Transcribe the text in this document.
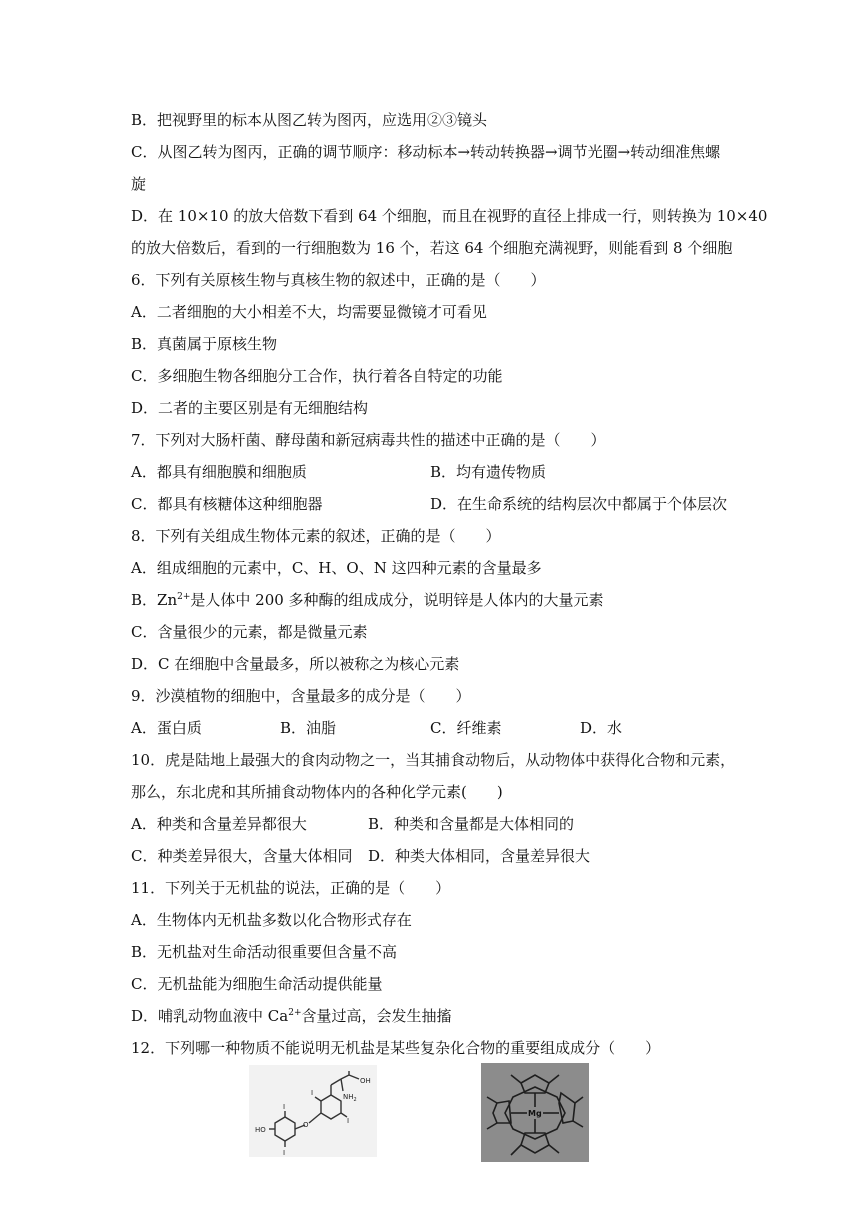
B．把视野里的标本从图乙转为图丙，应选用②③镜头
C．从图乙转为图丙，正确的调节顺序：移动标本→转动转换器→调节光圈→转动细准焦螺
旋
D．在 10×10 的放大倍数下看到 64 个细胞，而且在视野的直径上排成一行，则转换为 10×40
的放大倍数后，看到的一行细胞数为 16 个，若这 64 个细胞充满视野，则能看到 8 个细胞
6．下列有关原核生物与真核生物的叙述中，正确的是（　　）
A．二者细胞的大小相差不大，均需要显微镜才可看见
B．真菌属于原核生物
C．多细胞生物各细胞分工合作，执行着各自特定的功能
D．二者的主要区别是有无细胞结构
7．下列对大肠杆菌、酵母菌和新冠病毒共性的描述中正确的是（　　）
A．都具有细胞膜和细胞质	B．均有遗传物质
C．都具有核糖体这种细胞器	D．在生命系统的结构层次中都属于个体层次
8．下列有关组成生物体元素的叙述，正确的是（　　）
A．组成细胞的元素中，C、H、O、N 这四种元素的含量最多
B．$Zn^{2+}$是人体中 200 多种酶的组成成分，说明锌是人体内的大量元素
C．含量很少的元素，都是微量元素
D．C 在细胞中含量最多，所以被称之为核心元素
9．沙漠植物的细胞中，含量最多的成分是（　　）
A．蛋白质	B．油脂	C．纤维素	D．水
10．虎是陆地上最强大的食肉动物之一，当其捕食动物后，从动物体中获得化合物和元素，
那么，东北虎和其所捕食动物体内的各种化学元素(　　)
A．种类和含量差异都很大	B．种类和含量都是大体相同的
C．种类差异很大，含量大体相同 D．种类大体相同，含量差异很大
11．下列关于无机盐的说法，正确的是（　　）
A．生物体内无机盐多数以化合物形式存在
B．无机盐对生命活动很重要但含量不高
C．无机盐能为细胞生命活动提供能量
D．哺乳动物血液中 $Ca^{2+}$含量过高，会发生抽搐
12．下列哪一种物质不能说明无机盐是某些复杂化合物的重要组成成分（　　）
OH
$NH_2$
I
I
I
I
HO
O
Mg
